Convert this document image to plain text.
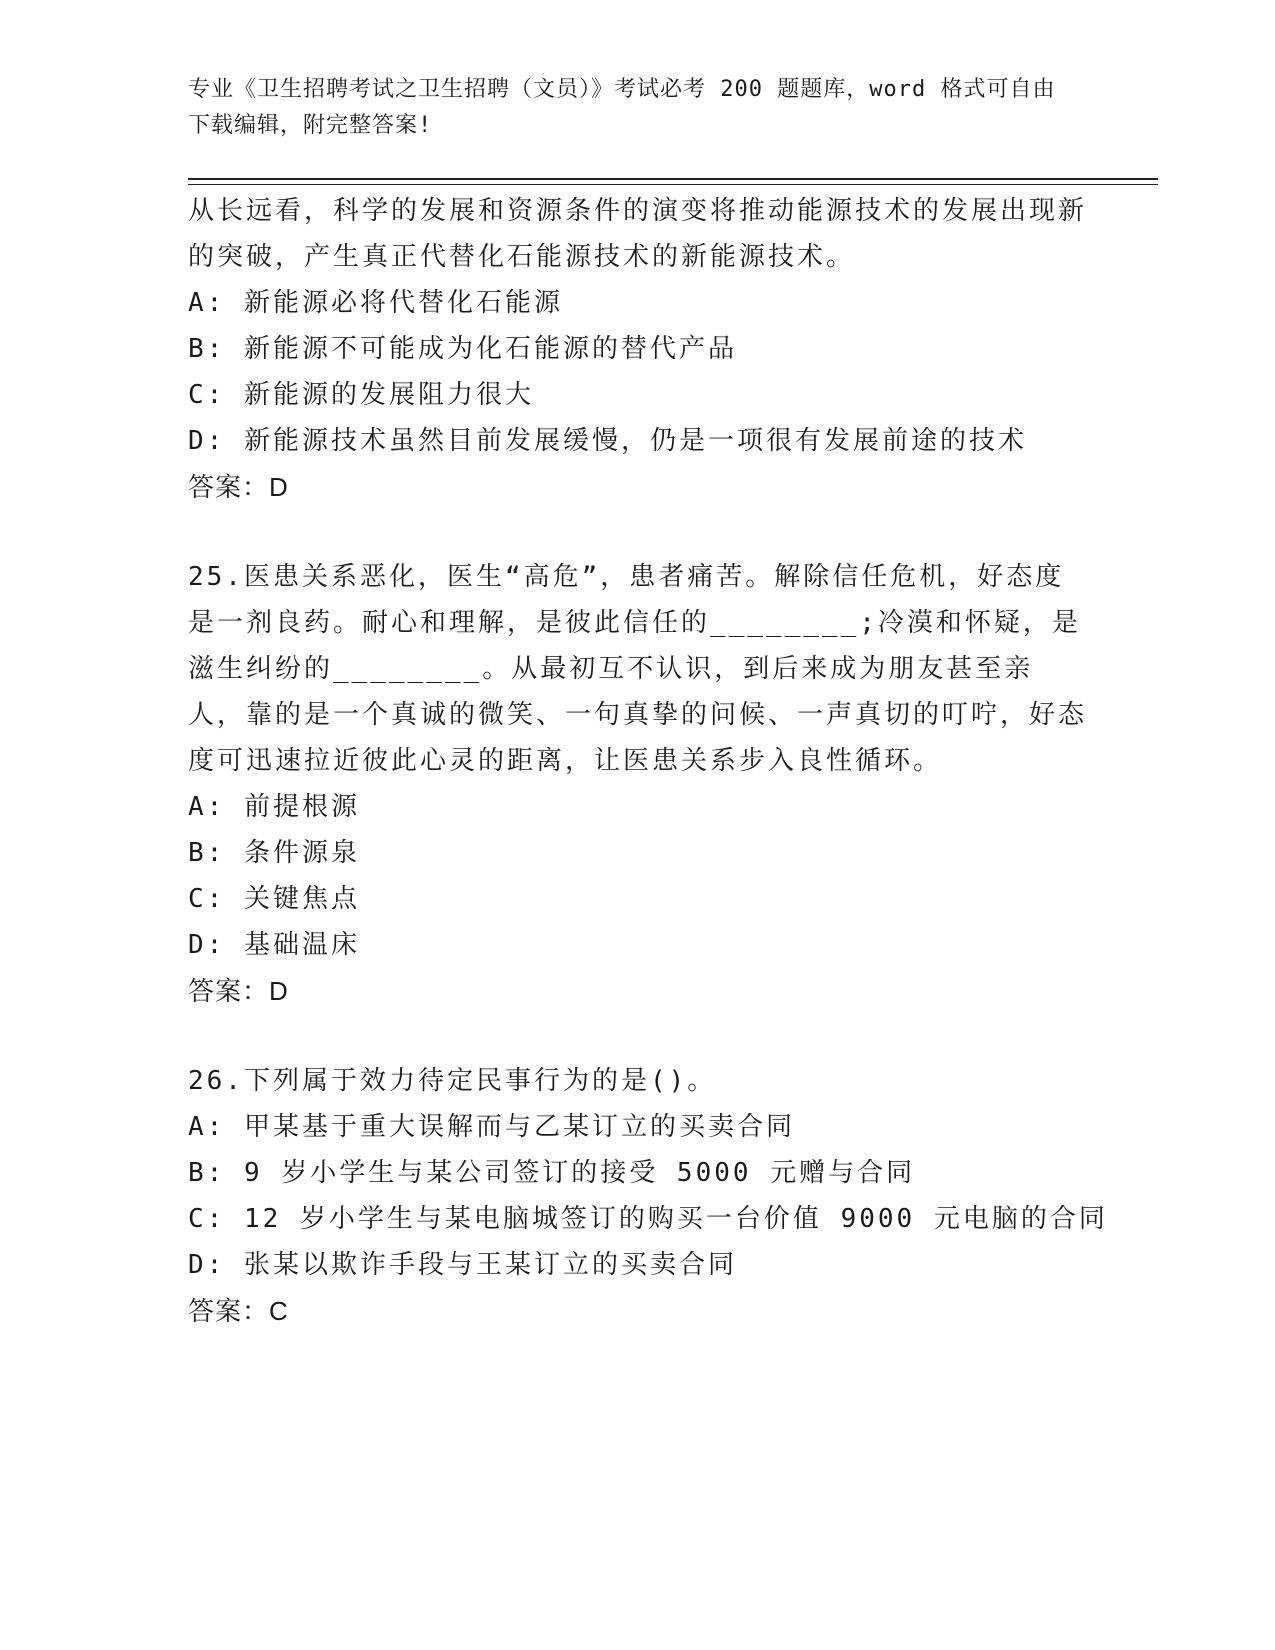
专业《卫生招聘考试之卫生招聘（文员）》考试必考 200 题题库，word 格式可自由下载编辑，附完整答案!
从长远看，科学的发展和资源条件的演变将推动能源技术的发展出现新的突破，产生真正代替化石能源技术的新能源技术。
A: 新能源必将代替化石能源
B: 新能源不可能成为化石能源的替代产品
C: 新能源的发展阻力很大
D: 新能源技术虽然目前发展缓慢，仍是一项很有发展前途的技术
答案：D
25.医患关系恶化，医生“高危”，患者痛苦。解除信任危机，好态度是一剂良药。耐心和理解，是彼此信任的________;冷漠和怀疑，是滋生纠纷的________。从最初互不认识，到后来成为朋友甚至亲人，靠的是一个真诚的微笑、一句真挚的问候、一声真切的叮咛，好态度可迅速拉近彼此心灵的距离，让医患关系步入良性循环。
A: 前提根源
B: 条件源泉
C: 关键焦点
D: 基础温床
答案：D
26.下列属于效力待定民事行为的是()。
A: 甲某基于重大误解而与乙某订立的买卖合同
B: 9 岁小学生与某公司签订的接受 5000 元赠与合同
C: 12 岁小学生与某电脑城签订的购买一台价值 9000 元电脑的合同
D: 张某以欺诈手段与王某订立的买卖合同
答案：C
